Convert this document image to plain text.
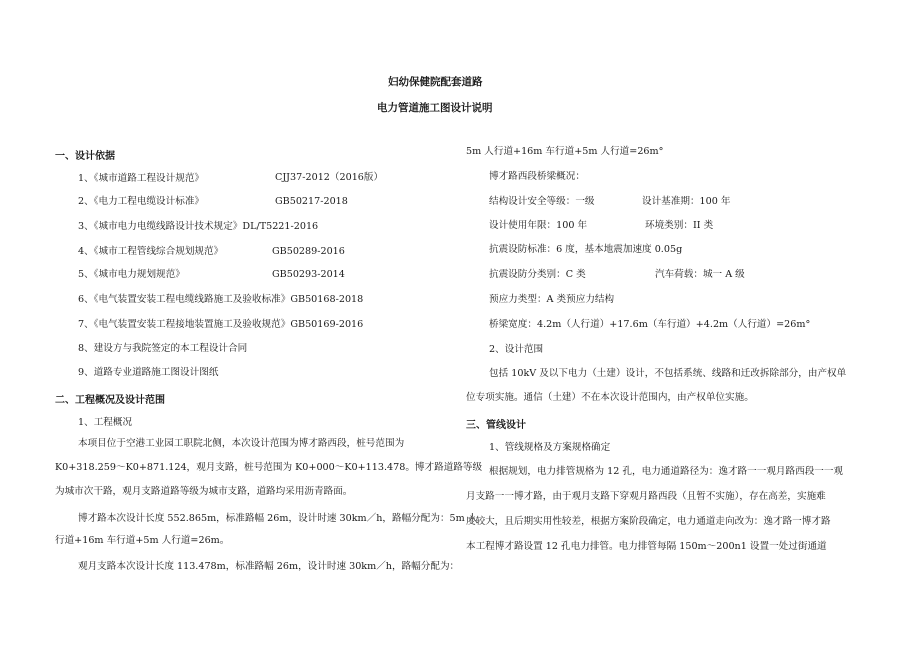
妇幼保健院配套道路
电力管道施工图设计说明
一、设计依据
1、《城市道路工程设计规范》	CJJ37-2012（2016版）
2、《电力工程电缆设计标准》	GB50217-2018
3、《城市电力电缆线路设计技术规定》DL/T5221-2016
4、《城市工程管线综合规划规范》	GB50289-2016
5、《城市电力规划规范》	GB50293-2014
6、《电气装置安装工程电缆线路施工及验收标准》GB50168-2018
7、《电气装置安装工程接地装置施工及验收规范》GB50169-2016
8、建设方与我院签定的本工程设计合同
9、道路专业道路施工图设计图纸
二、工程概况及设计范围
1、工程概况
本项目位于空港工业园工职院北侧，本次设计范围为博才路西段，桩号范围为
K0+318.259～K0+871.124，观月支路，桩号范围为 K0+000～K0+113.478。博才路道路等级
为城市次干路，观月支路道路等级为城市支路，道路均采用沥青路面。
博才路本次设计长度 552.865m，标准路幅 26m，设计时速 30km／h，路幅分配为：5m 人
行道+16m 车行道+5m 人行道=26m。
观月支路本次设计长度 113.478m，标准路幅 26m，设计时速 30km／h，路幅分配为：
5m 人行道+16m 车行道+5m 人行道=26m°
博才路西段桥梁概况：
结构设计安全等级：一级	设计基准期：100 年
设计使用年限：100 年	环境类别：II 类
抗震设防标准：6 度，基本地震加速度 0.05g
抗震设防分类别：C 类	汽车荷载：城一 A 级
预应力类型：A 类预应力结构
桥梁宽度：4.2m（人行道）+17.6m（车行道）+4.2m（人行道）=26m°
2、设计范围
包括 10kV 及以下电力（土建）设计，不包括系统、线路和迁改拆除部分，由产权单
位专项实施。通信（土建）不在本次设计范围内，由产权单位实施。
三、管线设计
1、管线规格及方案规格确定
根据规划，电力排管规格为 12 孔，电力通道路径为：逸才路一一观月路西段一一观
月支路一一博才路，由于观月支路下穿观月路西段（且暂不实施），存在高差，实施难
度较大，且后期实用性较差，根据方案阶段确定，电力通道走向改为：逸才路一博才路
本工程博才路设置 12 孔电力排管。电力排管每隔 150m～200n1 设置一处过街通道
